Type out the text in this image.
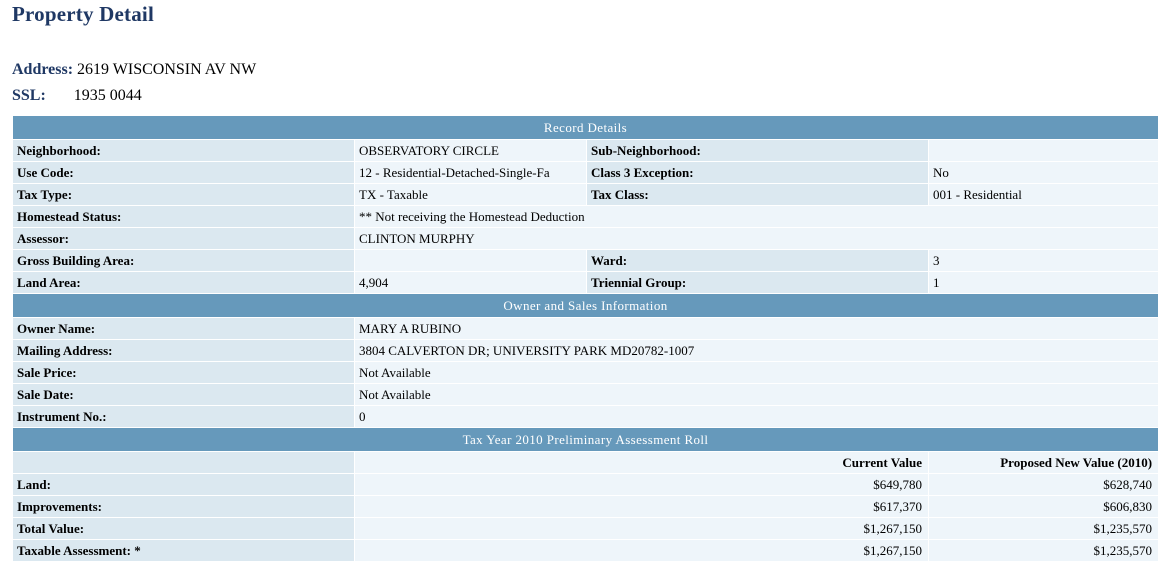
Property Detail
Address: 2619 WISCONSIN AV NW
SSL: 1935 0044
Record Details			
Neighborhood:	OBSERVATORY CIRCLE	Sub-Neighborhood:	
Use Code:	12 - Residential-Detached-Single-Fa	Class 3 Exception:	No
Tax Type:	TX - Taxable	Tax Class:	001 - Residential
Homestead Status:	** Not receiving the Homestead Deduction		
Assessor:	CLINTON MURPHY		
Gross Building Area:		Ward:	3
Land Area:	4,904	Triennial Group:	1
Owner and Sales Information			
Owner Name:	MARY A RUBINO		
Mailing Address:	3804 CALVERTON DR; UNIVERSITY PARK MD20782-1007		
Sale Price:	Not Available		
Sale Date:	Not Available		
Instrument No.:	0		
Tax Year 2010 Preliminary Assessment Roll			
	Current Value		Proposed New Value (2010)
Land:	$649,780		$628,740
Improvements:	$617,370		$606,830
Total Value:	$1,267,150		$1,235,570
Taxable Assessment: *	$1,267,150		$1,235,570
